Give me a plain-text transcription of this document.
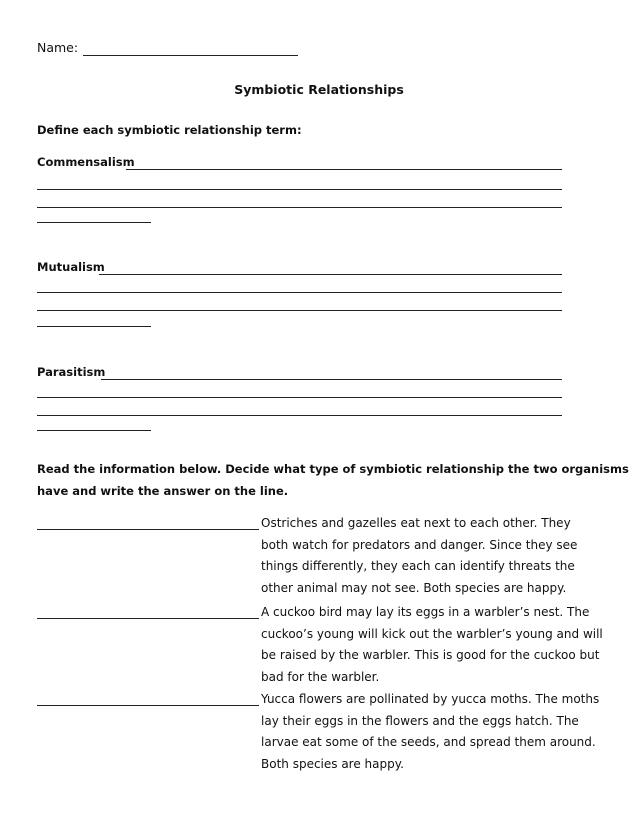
Name:
Symbiotic Relationships
Define each symbiotic relationship term:
Commensalism
Mutualism
Parasitism
Read the information below. Decide what type of symbiotic relationship the two organisms
have and write the answer on the line.
Ostriches and gazelles eat next to each other. They
both watch for predators and danger. Since they see
things differently, they each can identify threats the
other animal may not see. Both species are happy.
A cuckoo bird may lay its eggs in a warbler’s nest. The
cuckoo’s young will kick out the warbler’s young and will
be raised by the warbler. This is good for the cuckoo but
bad for the warbler.
Yucca flowers are pollinated by yucca moths. The moths
lay their eggs in the flowers and the eggs hatch. The
larvae eat some of the seeds, and spread them around.
Both species are happy.
